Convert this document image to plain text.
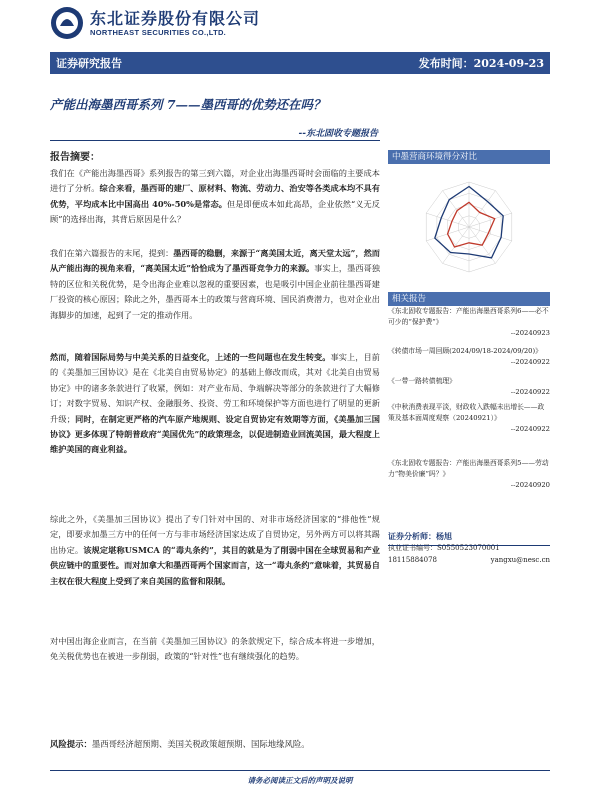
东北证券股份有限公司
NORTHEAST SECURITIES CO.,LTD.
证券研究报告	发布时间：2024-09-23
产能出海墨西哥系列 7——墨西哥的优势还在吗？
--东北固收专题报告
报告摘要：
我们在《产能出海墨西哥》系列报告的第三到六篇，对企业出海墨西哥时会面临的主要成本进行了分析。综合来看，墨西哥的建厂、原材料、物流、劳动力、治安等各类成本均不具有优势，平均成本比中国高出 40%-50%是常态。但是即便成本如此高昂，企业依然“义无反顾”的选择出海，其背后原因是什么？
我们在第六篇报告的末尾，提到：墨西哥的稳删，来源于“离美国太近，离天堂太远”，然而从产能出海的视角来看，“离美国太近”恰恰成为了墨西哥竞争力的来源。事实上，墨西哥独特的区位和关税优势，是令出海企业难以忽视的重要因素，也是吸引中国企业前往墨西哥建厂投资的核心原因；除此之外，墨西哥本土的政策与营商环境、国民消费潜力，也对企业出海脚步的加速，起到了一定的推动作用。
然而，随着国际局势与中美关系的日益变化，上述的一些问题也在发生转变。事实上，目前的《美墨加三国协议》是在《北美自由贸易协定》的基础上修改而成，其对《北美自由贸易协定》中的诸多条款进行了收紧，例如：对产业布局、争端解决等部分的条款进行了大幅修订；对数字贸易、知识产权、金融服务、投资、劳工和环境保护等方面也进行了明显的更新升级；同时，在制定更严格的汽车原产地规则、设定自贸协定有效期等方面，《美墨加三国协议》更多体现了特朗普政府“美国优先”的政策理念，以促进制造业回流美国，最大程度上维护美国的商业利益。
综此之外，《美墨加三国协议》提出了专门针对中国的、对非市场经济国家的“排他性”规定，即要求加墨三方中的任何一方与非市场经济国家达成了自贸协定，另外两方可以将其踢出协定。该规定堪称USMCA 的“毒丸条约”，其目的就是为了削弱中国在全球贸易和产业供应链中的重要性。而对加拿大和墨西哥两个国家而言，这一“毒丸条约”意味着，其贸易自主权在很大程度上受到了来自美国的监督和限制。
对中国出海企业而言，在当前《美墨加三国协议》的条款规定下，综合成本将进一步增加，免关税优势也在被进一步削弱，政策的“针对性”也有继续强化的趋势。
风险提示：墨西哥经济超预期、美国关税政策超预期、国际地缘风险。
中墨营商环境得分对比
相关报告
《东北固收专题报告：产能出海墨西哥系列6——必不可少的“保护费”》
--20240923
《转债市场一周回顾(2024/09/18-2024/09/20)》
--20240922
《一带一路转债梳理》
--20240922
《中秋消费表现平淡，财政收入跌幅未出增长——政策及基本面周度观察（20240921）》
--20240922
《东北固收专题报告：产能出海墨西哥系列5——劳动力“物美价廉”吗？》
--20240920
证券分析师：杨旭
执业证书编号：S0550523070001
18115884078	yangxu@nesc.cn
请务必阅读正文后的声明及说明
